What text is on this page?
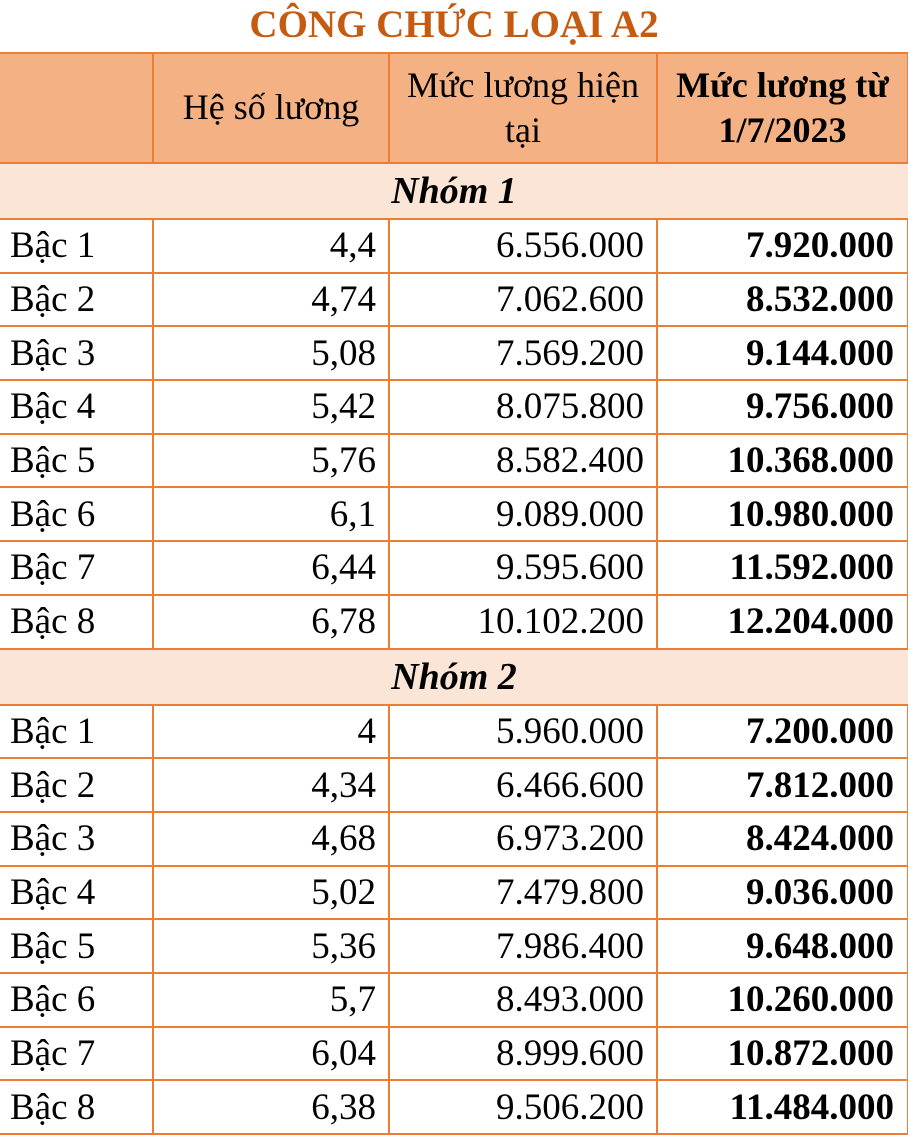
CÔNG CHỨC LOẠI A2
	Hệ số lương	Mức lương hiện tại	Mức lương từ 1/7/2023
Nhóm 1			
Bậc 1	4,4	6.556.000	7.920.000
Bậc 2	4,74	7.062.600	8.532.000
Bậc 3	5,08	7.569.200	9.144.000
Bậc 4	5,42	8.075.800	9.756.000
Bậc 5	5,76	8.582.400	10.368.000
Bậc 6	6,1	9.089.000	10.980.000
Bậc 7	6,44	9.595.600	11.592.000
Bậc 8	6,78	10.102.200	12.204.000
Nhóm 2			
Bậc 1	4	5.960.000	7.200.000
Bậc 2	4,34	6.466.600	7.812.000
Bậc 3	4,68	6.973.200	8.424.000
Bậc 4	5,02	7.479.800	9.036.000
Bậc 5	5,36	7.986.400	9.648.000
Bậc 6	5,7	8.493.000	10.260.000
Bậc 7	6,04	8.999.600	10.872.000
Bậc 8	6,38	9.506.200	11.484.000
